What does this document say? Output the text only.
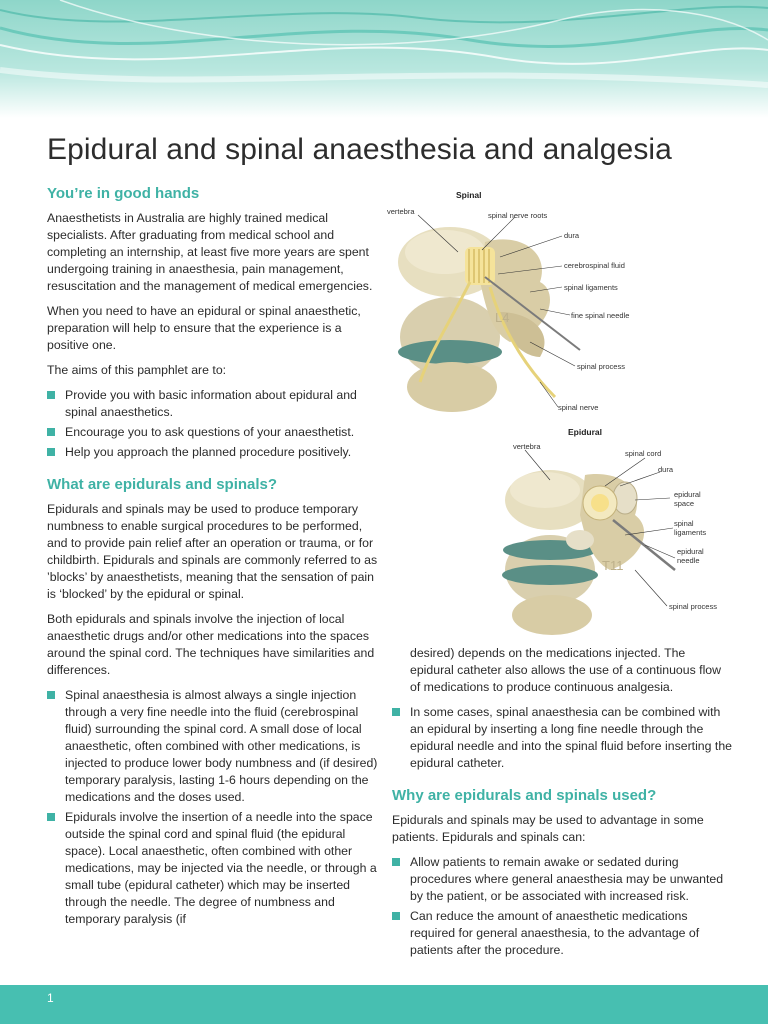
Epidural and spinal anaesthesia and analgesia
You’re in good hands

Anaesthetists in Australia are highly trained medical specialists. After graduating from medical school and completing an internship, at least five more years are spent undergoing training in anaesthesia, pain management, resuscitation and the management of medical emergencies.

When you need to have an epidural or spinal anaesthetic, preparation will help to ensure that the experience is a positive one.

The aims of this pamphlet are to:

Provide you with basic information about epidural and spinal anaesthetics.
Encourage you to ask questions of your anaesthetist.
Help you approach the planned procedure positively.
What are epidurals and spinals?

Epidurals and spinals may be used to produce temporary numbness to enable surgical procedures to be performed, and to provide pain relief after an operation or trauma, or for childbirth. Epidurals and spinals are commonly referred to as ’blocks’ by anaesthetists, meaning that the sensation of pain is ‘blocked’ by the epidural or spinal.

Both epidurals and spinals involve the injection of local anaesthetic drugs and/or other medications into the spaces around the spinal cord. The techniques have similarities and differences.

Spinal anaesthesia is almost always a single injection through a very fine needle into the fluid (cerebrospinal fluid) surrounding the spinal cord. A small dose of local anaesthetic, often combined with other medications, is injected to produce lower body numbness and (if desired) temporary paralysis, lasting 1-6 hours depending on the medications and the doses used.
Epidurals involve the insertion of a needle into the space outside the spinal cord and spinal fluid (the epidural space). Local anaesthetic, often combined with other medications, may be injected via the needle, or through a small tube (epidural catheter) which may be inserted through the needle. The degree of numbness and temporary paralysis (if

desired) depends on the medications injected. The epidural catheter also allows the use of a continuous flow of medications to produce continuous analgesia.

In some cases, spinal anaesthesia can be combined with an epidural by inserting a long fine needle through the epidural needle and into the spinal fluid before inserting the epidural catheter.
Why are epidurals and spinals used?

Epidurals and spinals may be used to advantage in some patients. Epidurals and spinals can:

Allow patients to remain awake or sedated during procedures where general anaesthesia may be unwanted by the patient, or be associated with increased risk.
Can reduce the amount of anaesthetic medications required for general anaesthesia, to the advantage of patients after the procedure.
L4
Spinal
vertebra	spinal nerve roots
dura
cerebrospinal fluid
spinal ligaments
fine spinal needle
spinal process
spinal nerve
T11
Epidural
vertebra
spinal cord
dura
epidural
space
spinal
ligaments
epidural
needle
spinal process
1
